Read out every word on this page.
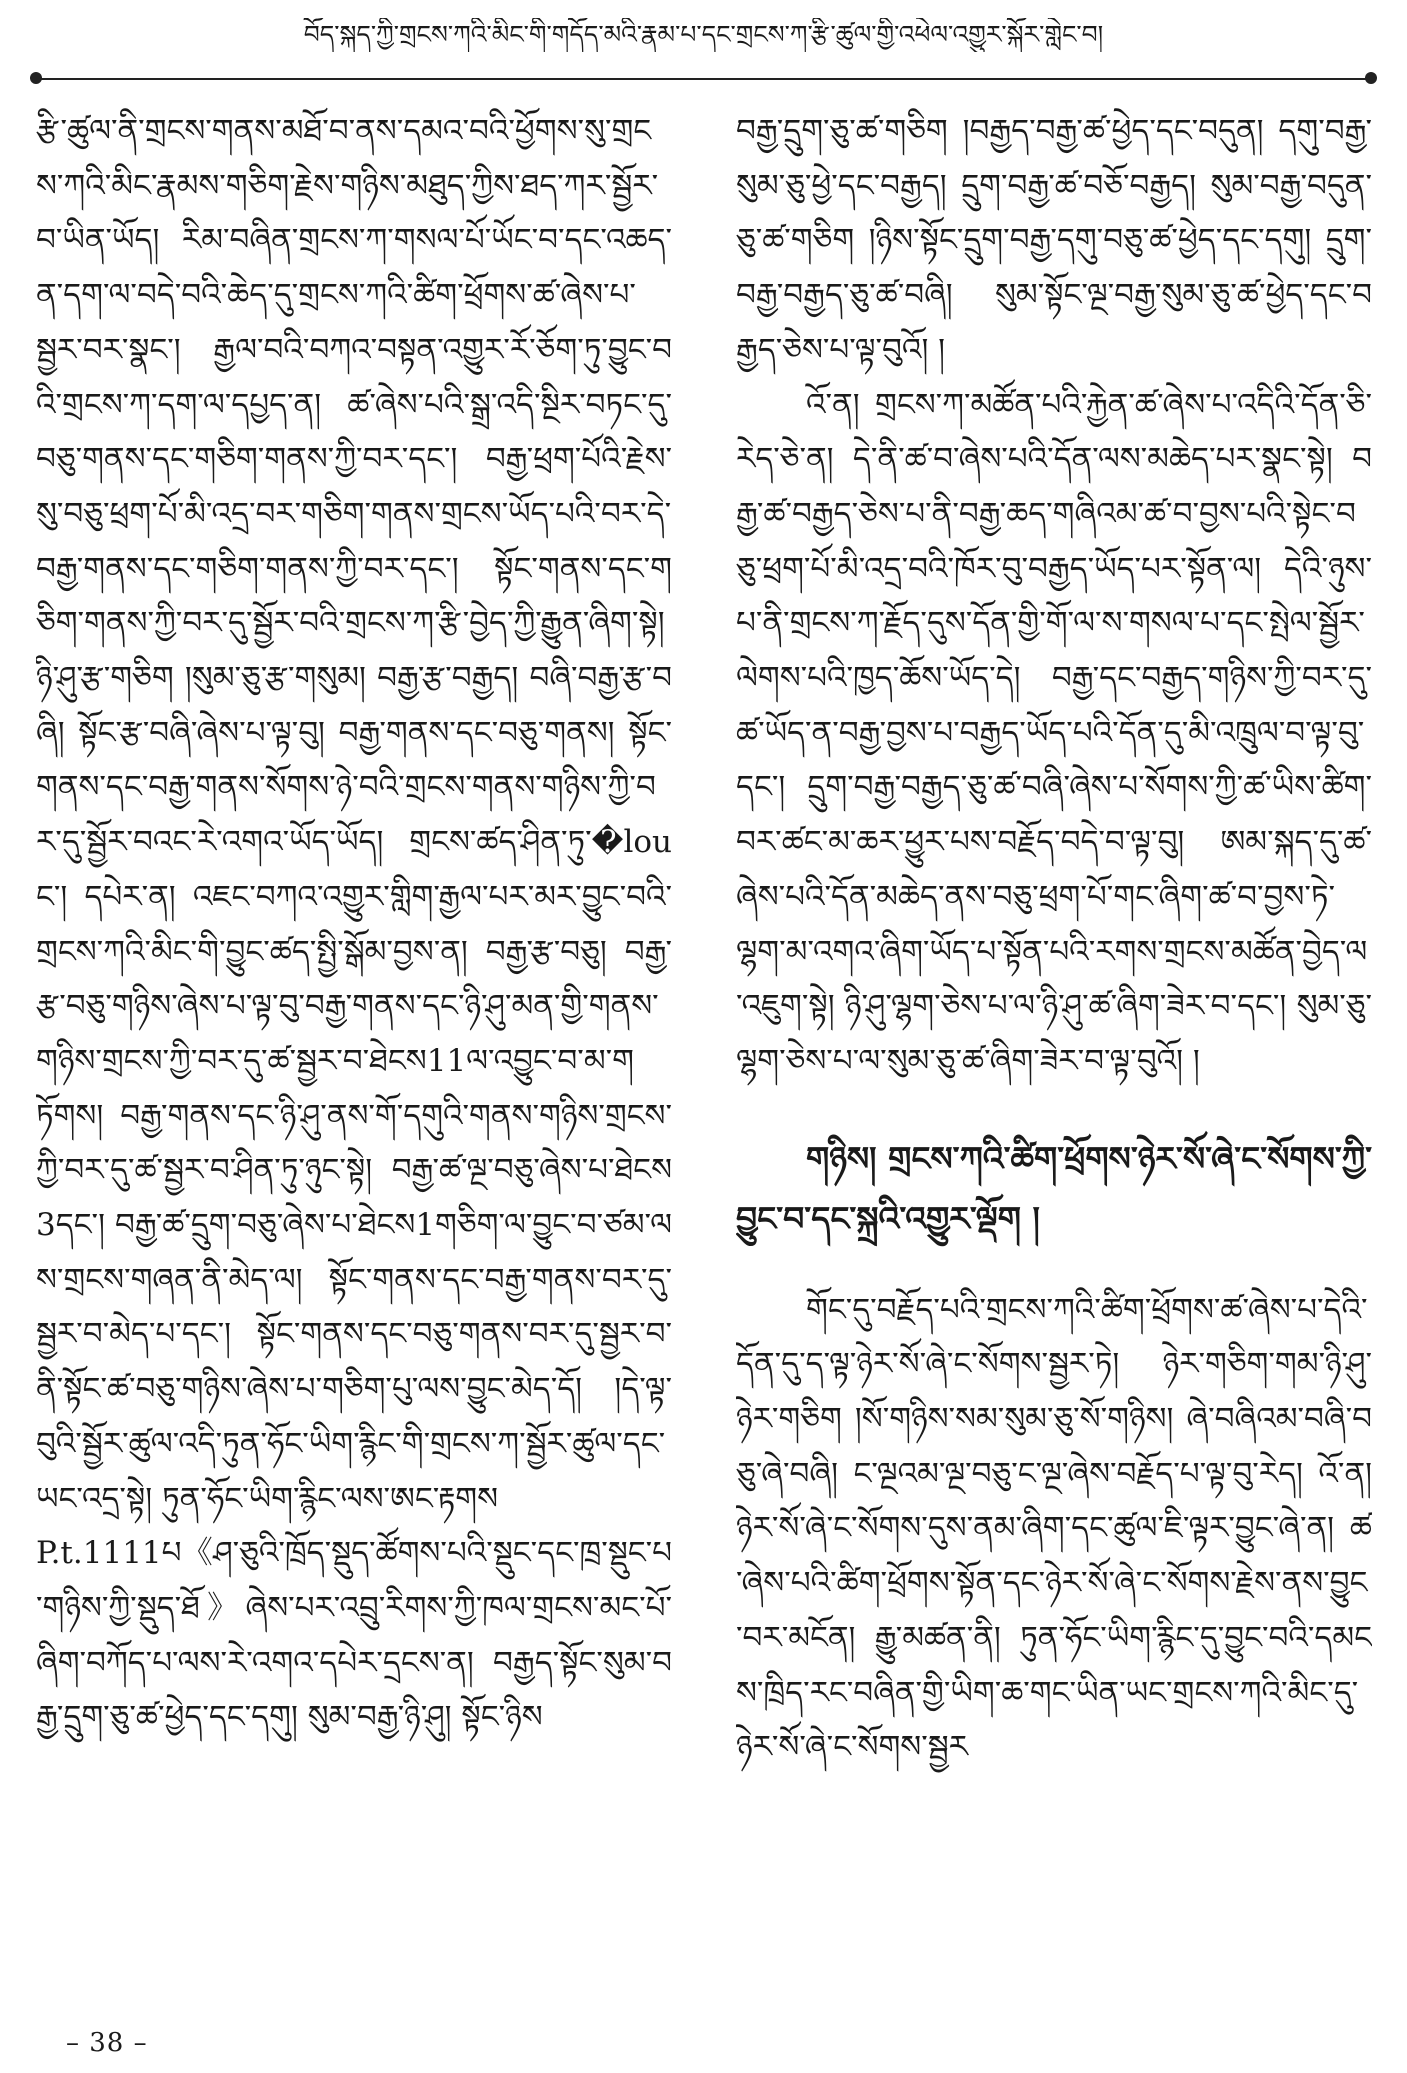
བོད་སྐད་ཀྱི་གྲངས་ཀའི་མིང་གི་གདོད་མའི་རྣམ་པ་དང་གྲངས་ཀ་རྩི་ཚུལ་གྱི་འཕེལ་འགྱུར་སྐོར་གླེང་བ།

རྩི་ཚུལ་ནི་གྲངས་གནས་མཐོ་བ་ནས་དམའ་བའི་ཕྱོགས་སུ་གྲངས་ཀའི་མིང་རྣམས་གཅིག་རྗེས་གཉིས་མཐུད་ཀྱིས་ཐད་ཀར་སྦྱོར་བ་ཡིན་ཡོད། རིམ་བཞིན་གྲངས་ཀ་གསལ་པོ་ཡོང་བ་དང་འཆད་ན་དག་ལ་བདེ་བའི་ཆེད་དུ་གྲངས་ཀའི་ཚིག་ཕྲོགས་ཚ་ཞེས་པ་སྦྱར་བར་སྣང་། རྒྱལ་བའི་བཀའ་བསྟན་འགྱུར་རོ་ཅོག་ཏུ་བྱུང་བའི་གྲངས་ཀ་དག་ལ་དཔྱད་ན། ཚ་ཞེས་པའི་སྒྲ་འདི་སྔིར་བཏང་དུ་བཅུ་གནས་དང་གཅིག་གནས་ཀྱི་བར་དང་། བརྒྱ་ཕྲག་པོའི་རྗེས་སུ་བཅུ་ཕྲག་པོ་མི་འདྲ་བར་གཅིག་གནས་གྲངས་ཡོད་པའི་བར་དེ་བརྒྱ་གནས་དང་གཅིག་གནས་ཀྱི་བར་དང་། སྟོང་གནས་དང་གཅིག་གནས་ཀྱི་བར་དུ་སྦྱོར་བའི་གྲངས་ཀ་རྩི་བྱེད་ཀྱི་རྒྱུན་ཞིག་སྟེ། ཉི་ཤུ་རྩ་གཅིག །སུམ་ཅུ་རྩ་གསུམ། བརྒྱ་རྩ་བརྒྱད། བཞི་བརྒྱ་རྩ་བཞི། སྟོང་རྩ་བཞི་ཞེས་པ་ལྟ་བུ། བརྒྱ་གནས་དང་བཅུ་གནས། སྟོང་གནས་དང་བརྒྱ་གནས་སོགས་ཉེ་བའི་གྲངས་གནས་གཉིས་ཀྱི་བར་དུ་སྦྱོར་བའང་རེ་འགའ་ཡོད་ཡོད། གྲངས་ཚད་ཤིན་ཏུ་�louང་། དཔེར་ན། འཇང་བཀའ་འགྱུར་གླིག་རྒྱལ་པར་མར་བྱུང་བའི་གྲངས་ཀའི་མིང་གི་བྱུང་ཚད་སྤྱི་སྒོམ་བྱས་ན། བརྒྱ་རྩ་བཅུ། བརྒྱ་རྩ་བཅུ་གཉིས་ཞེས་པ་ལྟ་བུ་བརྒྱ་གནས་དང་ཉི་ཤུ་མན་གྱི་གནས་གཉིས་གྲངས་ཀྱི་བར་དུ་ཚ་སྦྱར་བ་ཐེངས11ལ་འབྱུང་བ་མ་གཏོགས། བརྒྱ་གནས་དང་ཉི་ཤུ་ནས་གོ་དགུའི་གནས་གཉིས་གྲངས་ཀྱི་བར་དུ་ཚ་སྦྱར་བ་ཤིན་ཏུ་ཉུང་སྟེ། བརྒྱ་ཚ་ལྔ་བཅུ་ཞེས་པ་ཐེངས3དང་། བརྒྱ་ཚ་དྲུག་བཅུ་ཞེས་པ་ཐེངས1གཅིག་ལ་བྱུང་བ་ཙམ་ལས་གྲངས་གཞན་ནི་མེད་ལ། སྟོང་གནས་དང་བརྒྱ་གནས་བར་དུ་སྦྱར་བ་མེད་པ་དང་། སྟོང་གནས་དང་བཅུ་གནས་བར་དུ་སྦྱར་བ་ནི་སྟོང་ཚ་བཅུ་གཉིས་ཞེས་པ་གཅིག་པུ་ལས་བྱུང་མེད་དོ། །དེ་ལྟ་བུའི་སྦྱོར་ཚུལ་འདི་ཏུན་ཧོང་ཡིག་རྙིང་གི་གྲངས་ཀ་སྦྱོར་ཚུལ་དང་ཡང་འདྲ་སྟེ། ཏུན་ཧོང་ཡིག་རྙིང་ལས་ཨང་རྟགས

P.t.1111པ《ཤ་ཅུའི་ཁྲོད་སྡུད་ཚོགས་པའི་སྡུང་དང་ཁྲ་སྡུང་པ་གཉིས་ཀྱི་སྡུད་ཐོ》ཞེས་པར་འབྲུ་རིགས་ཀྱི་ཁལ་གྲངས་མང་པོ་ཞིག་བཀོད་པ་ལས་རེ་འགའ་དཔེར་དྲངས་ན། བརྒྱད་སྟོང་སུམ་བརྒྱ་དྲུག་ཅུ་ཚ་ཕྱེད་དང་དགུ། སུམ་བརྒྱ་ཉི་ཤུ། སྟོང་ཉིས

བརྒྱ་དྲུག་ཅུ་ཚ་གཅིག །བརྒྱད་བརྒྱ་ཚ་ཕྱེད་དང་བདུན། དགུ་བརྒྱ་སུམ་ཅུ་ཕྱེ་དང་བརྒྱད། དྲུག་བརྒྱ་ཚ་བཅོ་བརྒྱད། སུམ་བརྒྱ་བདུན་ཅུ་ཚ་གཅིག །ཉིས་སྟོང་དྲུག་བརྒྱ་དགུ་བཅུ་ཚ་ཕྱེད་དང་དགུ། དྲུག་བརྒྱ་བརྒྱད་ཅུ་ཚ་བཞི། སུམ་སྟོང་ལྔ་བརྒྱ་སུམ་ཅུ་ཚ་ཕྱེད་དང་བརྒྱད་ཅེས་པ་ལྟ་བུའོ། །

འོ་ན། གྲངས་ཀ་མཚོན་པའི་རྐྱེན་ཚ་ཞེས་པ་འདིའི་དོན་ཅི་རེད་ཅེ་ན། དེ་ནི་ཚ་བ་ཞེས་པའི་དོན་ལས་མཆེད་པར་སྣང་སྟེ། བརྒྱ་ཚ་བརྒྱད་ཅེས་པ་ནི་བརྒྱ་ཆད་གཞིའམ་ཚ་བ་བྱས་པའི་སྟེང་བཅུ་ཕྲག་པོ་མི་འདྲ་བའི་ཁོར་བུ་བརྒྱད་ཡོད་པར་སྟོན་ལ། དེའི་ཉུས་པ་ནི་གྲངས་ཀ་རྗོད་དུས་དོན་གྱི་གོ་ལ་ས་གསལ་པ་དང་སྤེལ་སྦྱོར་ལེགས་པའི་ཁྱད་ཆོས་ཡོད་དེ། བརྒྱ་དང་བརྒྱད་གཉིས་ཀྱི་བར་དུ་ཚ་ཡོད་ན་བརྒྱ་བྱས་པ་བརྒྱད་ཡོད་པའི་དོན་དུ་མི་འཁྲུལ་བ་ལྟ་བུ་དང་། དྲུག་བརྒྱ་བརྒྱད་ཅུ་ཚ་བཞི་ཞེས་པ་སོགས་ཀྱི་ཚ་ཡིས་ཚིག་བར་ཚང་མ་ཆར་ཕྱུར་པས་བརྗོད་བདེ་བ་ལྟ་བུ། ཨམ་སྐད་དུ་ཚ་ཞེས་པའི་དོན་མཆེད་ནས་བཅུ་ཕྲག་པོ་གང་ཞིག་ཚ་བ་བྱས་ཏེ་ལྷག་མ་འགའ་ཞིག་ཡོད་པ་སྟོན་པའི་རགས་གྲངས་མཚོན་བྱེད་ལ་འཇུག་སྟེ། ཉི་ཤུ་ལྷག་ཅེས་པ་ལ་ཉི་ཤུ་ཚ་ཞིག་ཟེར་བ་དང་། སུམ་ཅུ་ལྷག་ཅེས་པ་ལ་སུམ་ཅུ་ཚ་ཞིག་ཟེར་བ་ལྟ་བུའོ། །

གཉིས། གྲངས་ཀའི་ཚིག་ཕྲོགས་ཉེར་སོ་ཞེ་ང་སོགས་ཀྱི་བྱུང་བ་དང་སྐྲའི་འགྱུར་ལྡོག །

གོང་དུ་བརྗོད་པའི་གྲངས་ཀའི་ཚིག་ཕྲོགས་ཚ་ཞེས་པ་དེའི་དོན་དུ་ད་ལྟ་ཉེར་སོ་ཞེ་ང་སོགས་སྦྱར་ཏེ། ཉེར་གཅིག་གམ་ཉི་ཤུ་ཉེར་གཅིག །སོ་གཉིས་སམ་སུམ་ཅུ་སོ་གཉིས། ཞེ་བཞིའམ་བཞི་བཅུ་ཞེ་བཞི། ང་ལྔའམ་ལྔ་བཅུ་ང་ལྔ་ཞེས་བརྗོད་པ་ལྟ་བུ་རེད། འོ་ན། ཉེར་སོ་ཞེ་ང་སོགས་དུས་ནམ་ཞིག་དང་ཚུལ་ཇི་ལྟར་བྱུང་ཞེ་ན། ཚ་ཞེས་པའི་ཚིག་ཕྲོགས་སྟོན་དང་ཉེར་སོ་ཞེ་ང་སོགས་རྗེས་ནས་བྱུང་བར་མངོན། རྒྱུ་མཚན་ནི། ཏུན་ཧོང་ཡིག་རྙིང་དུ་བྱུང་བའི་དམངས་ཁྲིད་རང་བཞིན་གྱི་ཡིག་ཆ་གང་ཡིན་ཡང་གྲངས་ཀའི་མིང་དུ་ཉེར་སོ་ཞེ་ང་སོགས་སྦྱར

– 38 –
